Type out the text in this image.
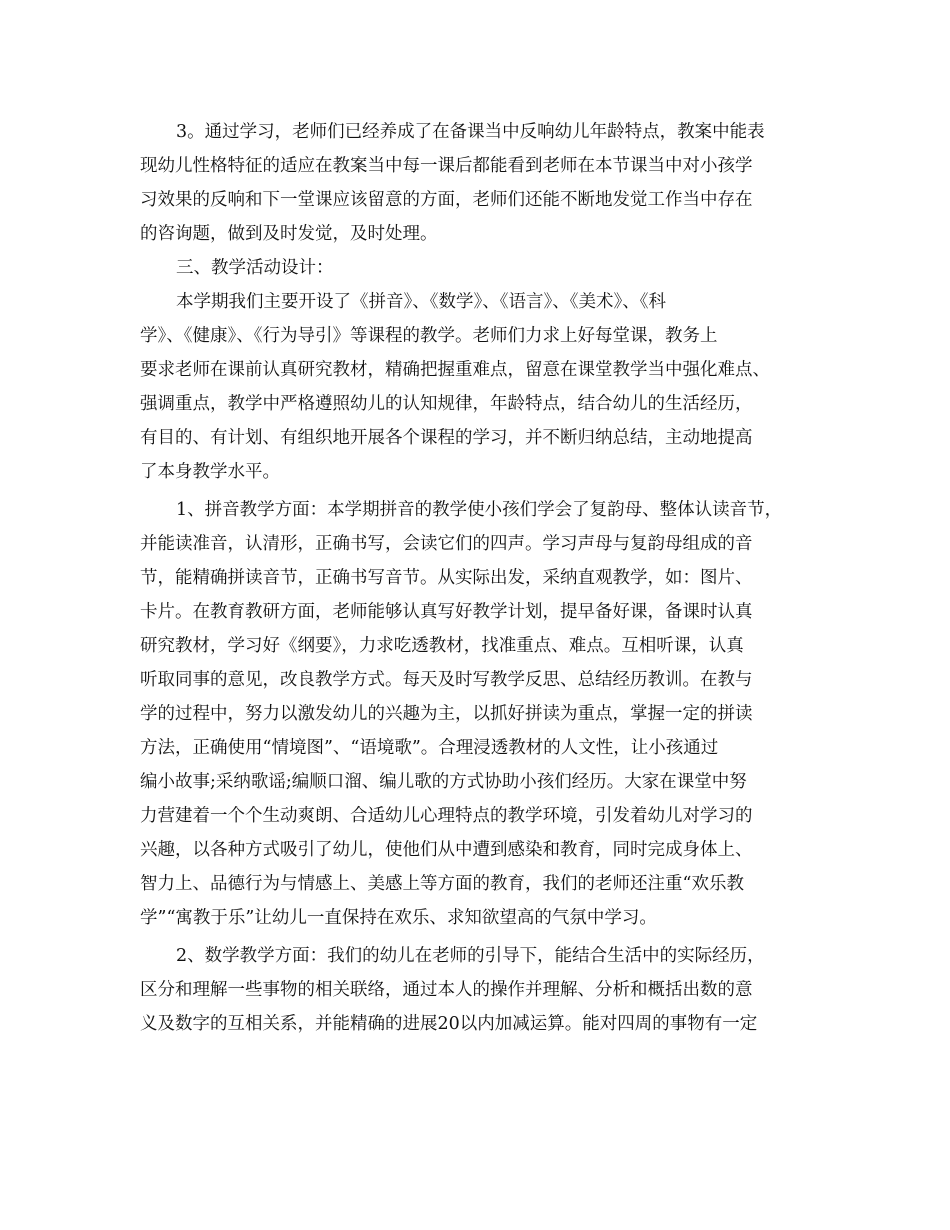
3。通过学习，老师们已经养成了在备课当中反响幼儿年龄特点，教案中能表
现幼儿性格特征的适应在教案当中每一课后都能看到老师在本节课当中对小孩学
习效果的反响和下一堂课应该留意的方面，老师们还能不断地发觉工作当中存在
的咨询题，做到及时发觉，及时处理。
三、教学活动设计：
本学期我们主要开设了《拼音》、《数学》、《语言》、《美术》、《科
学》、《健康》、《行为导引》等课程的教学。老师们力求上好每堂课，教务上
要求老师在课前认真研究教材，精确把握重难点，留意在课堂教学当中强化难点、
强调重点，教学中严格遵照幼儿的认知规律，年龄特点，结合幼儿的生活经历，
有目的、有计划、有组织地开展各个课程的学习，并不断归纳总结，主动地提高
了本身教学水平。
1、拼音教学方面：本学期拼音的教学使小孩们学会了复韵母、整体认读音节，
并能读准音，认清形，正确书写，会读它们的四声。学习声母与复韵母组成的音
节，能精确拼读音节，正确书写音节。从实际出发，采纳直观教学，如：图片、
卡片。在教育教研方面，老师能够认真写好教学计划，提早备好课，备课时认真
研究教材，学习好《纲要》，力求吃透教材，找准重点、难点。互相听课，认真
听取同事的意见，改良教学方式。每天及时写教学反思、总结经历教训。在教与
学的过程中，努力以激发幼儿的兴趣为主，以抓好拼读为重点，掌握一定的拼读
方法，正确使用“情境图”、“语境歌”。合理浸透教材的人文性，让小孩通过
编小故事;采纳歌谣;编顺口溜、编儿歌的方式协助小孩们经历。大家在课堂中努
力营建着一个个生动爽朗、合适幼儿心理特点的教学环境，引发着幼儿对学习的
兴趣，以各种方式吸引了幼儿，使他们从中遭到感染和教育，同时完成身体上、
智力上、品德行为与情感上、美感上等方面的教育，我们的老师还注重“欢乐教
学”“寓教于乐”让幼儿一直保持在欢乐、求知欲望高的气氛中学习。
2、数学教学方面：我们的幼儿在老师的引导下，能结合生活中的实际经历，
区分和理解一些事物的相关联络，通过本人的操作并理解、分析和概括出数的意
义及数字的互相关系，并能精确的进展20以内加减运算。能对四周的事物有一定
